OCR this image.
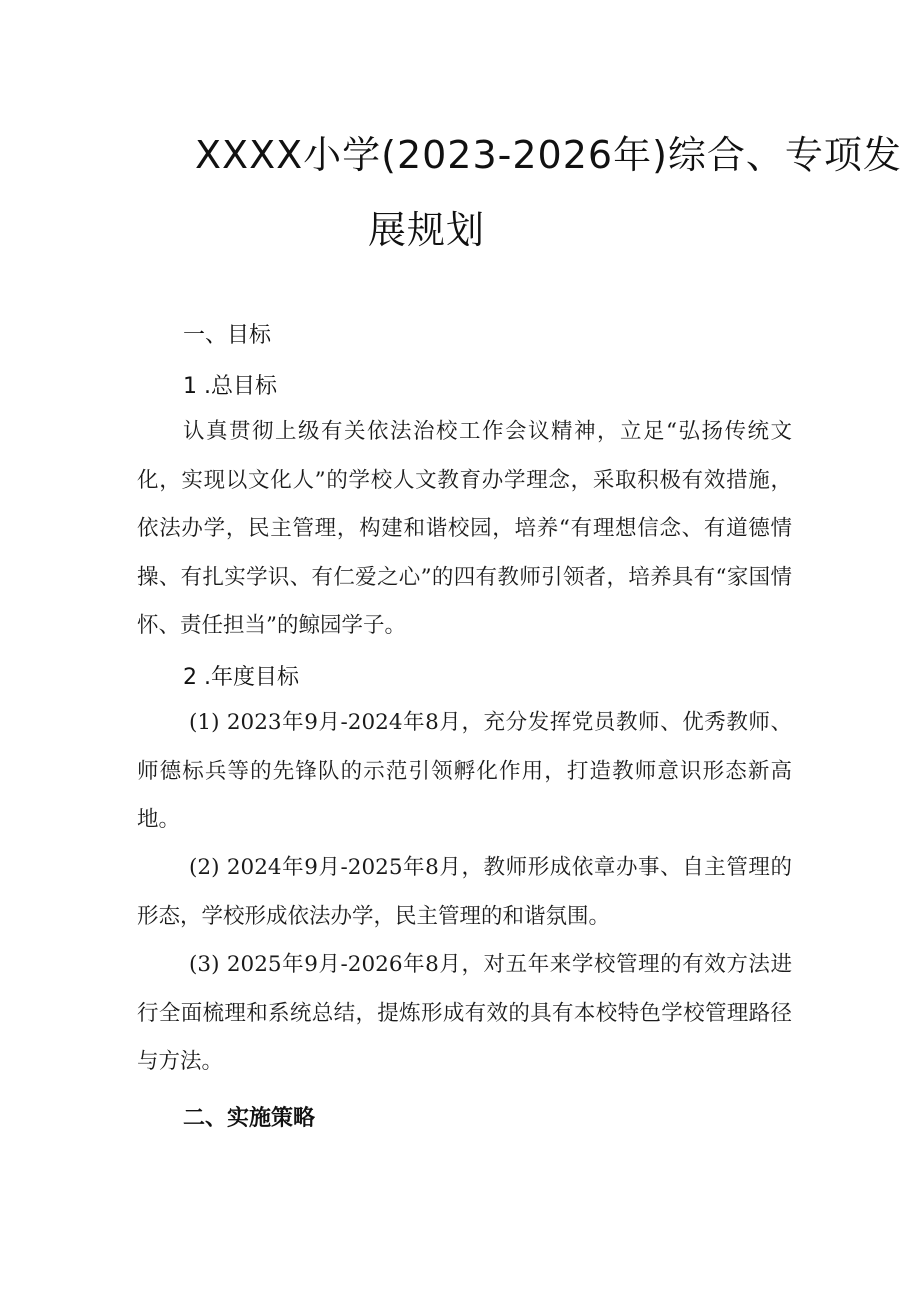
XXXX小学(2023-2026年)综合、专项发
展规划
一、目标
1 .总目标
认真贯彻上级有关依法治校工作会议精神，立足“弘扬传统文化，实现以文化人”的学校人文教育办学理念，采取积极有效措施，依法办学，民主管理，构建和谐校园，培养“有理想信念、有道德情操、有扎实学识、有仁爱之心”的四有教师引领者，培养具有“家国情怀、责任担当”的鲸园学子。
2 .年度目标
(1) 2023年9月-2024年8月，充分发挥党员教师、优秀教师、师德标兵等的先锋队的示范引领孵化作用，打造教师意识形态新高地。
(2) 2024年9月-2025年8月，教师形成依章办事、自主管理的形态，学校形成依法办学，民主管理的和谐氛围。
(3) 2025年9月-2026年8月，对五年来学校管理的有效方法进行全面梳理和系统总结，提炼形成有效的具有本校特色学校管理路径与方法。
二、实施策略
